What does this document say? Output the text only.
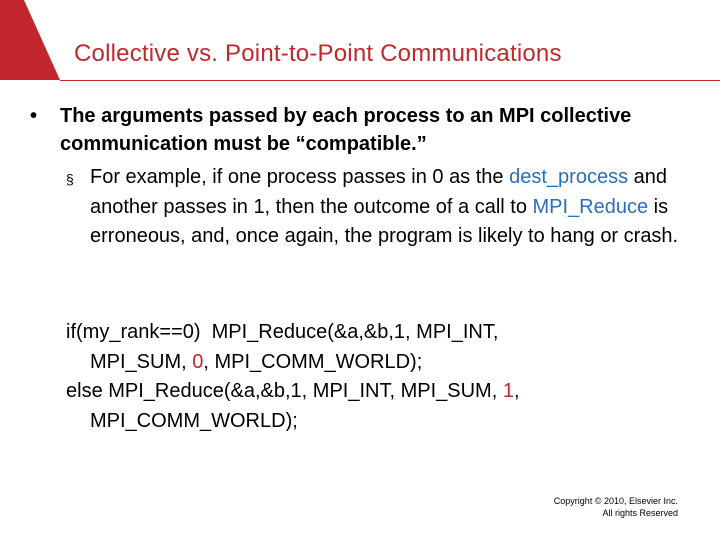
Collective vs. Point-to-Point Communications
• The arguments passed by each process to an MPI collective communication must be “compatible.”
§ For example, if one process passes in 0 as the dest_process and another passes in 1, then the outcome of a call to MPI_Reduce is erroneous, and, once again, the program is likely to hang or crash.
if(my_rank==0)  MPI_Reduce(&a,&b,1, MPI_INT,
MPI_SUM, 0, MPI_COMM_WORLD);
else MPI_Reduce(&a,&b,1, MPI_INT, MPI_SUM, 1,
MPI_COMM_WORLD);
Copyright © 2010, Elsevier Inc.
All rights Reserved
